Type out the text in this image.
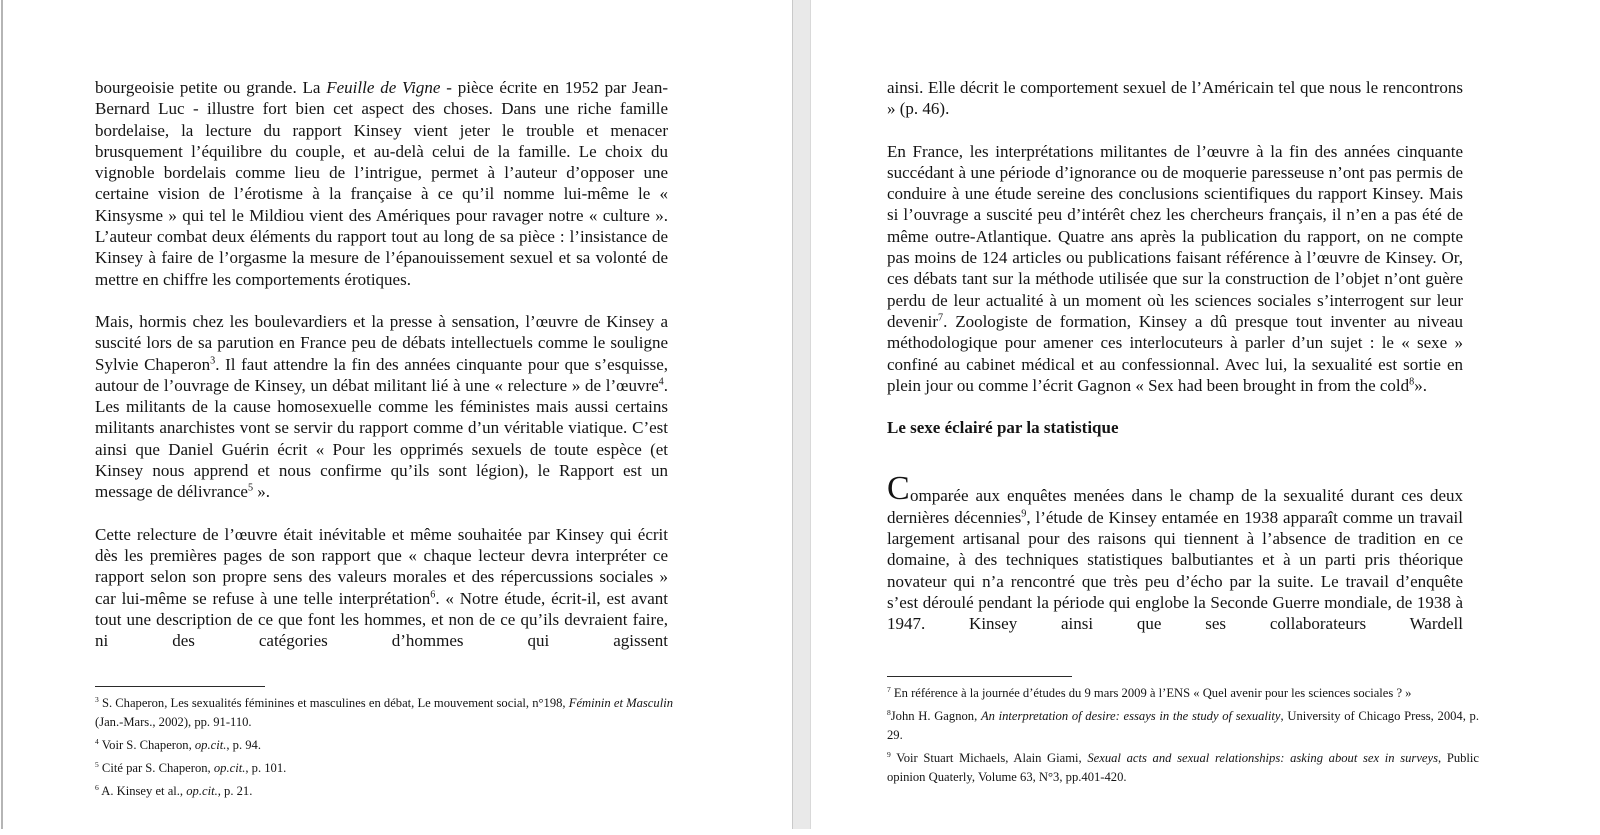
bourgeoisie petite ou grande. La Feuille de Vigne - pièce écrite en 1952 par Jean-Bernard Luc - illustre fort bien cet aspect des choses. Dans une riche famille bordelaise, la lecture du rapport Kinsey vient jeter le trouble et menacer brusquement l’équilibre du couple, et au-delà celui de la famille. Le choix du vignoble bordelais comme lieu de l’intrigue, permet à l’auteur d’opposer une certaine vision de l’érotisme à la française à ce qu’il nomme lui-même le « Kinsysme » qui tel le Mildiou vient des Amériques pour ravager notre « culture ». L’auteur combat deux éléments du rapport tout au long de sa pièce : l’insistance de Kinsey à faire de l’orgasme la mesure de l’épanouissement sexuel et sa volonté de mettre en chiffre les comportements érotiques.

Mais, hormis chez les boulevardiers et la presse à sensation, l’œuvre de Kinsey a suscité lors de sa parution en France peu de débats intellectuels comme le souligne Sylvie Chaperon$^3$. Il faut attendre la fin des années cinquante pour que s’esquisse, autour de l’ouvrage de Kinsey, un débat militant lié à une « relecture » de l’œuvre$^4$. Les militants de la cause homosexuelle comme les féministes mais aussi certains militants anarchistes vont se servir du rapport comme d’un véritable viatique. C’est ainsi que Daniel Guérin écrit « Pour les opprimés sexuels de toute espèce (et Kinsey nous apprend et nous confirme qu’ils sont légion), le Rapport est un message de délivrance$^5$ ».

Cette relecture de l’œuvre était inévitable et même souhaitée par Kinsey qui écrit dès les premières pages de son rapport que « chaque lecteur devra interpréter ce rapport selon son propre sens des valeurs morales et des répercussions sociales » car lui-même se refuse à une telle interprétation$^6$. « Notre étude, écrit-il, est avant tout une description de ce que font les hommes, et non de ce qu’ils devraient faire, ni des catégories d’hommes qui agissent

$^3$ S. Chaperon, Les sexualités féminines et masculines en débat, Le mouvement social, n°198, Féminin et Masculin (Jan.-Mars., 2002), pp. 91-110.

$^4$ Voir S. Chaperon, op.cit., p. 94.

$^5$ Cité par S. Chaperon, op.cit., p. 101.

$^6$ A. Kinsey et al., op.cit., p. 21.

ainsi. Elle décrit le comportement sexuel de l’Américain tel que nous le rencontrons » (p. 46).

En France, les interprétations militantes de l’œuvre à la fin des années cinquante succédant à une période d’ignorance ou de moquerie paresseuse n’ont pas permis de conduire à une étude sereine des conclusions scientifiques du rapport Kinsey. Mais si l’ouvrage a suscité peu d’intérêt chez les chercheurs français, il n’en a pas été de même outre-Atlantique. Quatre ans après la publication du rapport, on ne compte pas moins de 124 articles ou publications faisant référence à l’œuvre de Kinsey. Or, ces débats tant sur la méthode utilisée que sur la construction de l’objet n’ont guère perdu de leur actualité à un moment où les sciences sociales s’interrogent sur leur devenir$^7$. Zoologiste de formation, Kinsey a dû presque tout inventer au niveau méthodologique pour amener ces interlocuteurs à parler d’un sujet : le « sexe » confiné au cabinet médical et au confessionnal. Avec lui, la sexualité est sortie en plein jour ou comme l’écrit Gagnon « Sex had been brought in from the cold$^8$».

Le sexe éclairé par la statistique

C omparée aux enquêtes menées dans le champ de la sexualité durant ces deux dernières décennies$^9$, l’étude de Kinsey entamée en 1938 apparaît comme un travail largement artisanal pour des raisons qui tiennent à l’absence de tradition en ce domaine, à des techniques statistiques balbutiantes et à un parti pris théorique novateur qui n’a rencontré que très peu d’écho par la suite. Le travail d’enquête s’est déroulé pendant la période qui englobe la Seconde Guerre mondiale, de 1938 à 1947. Kinsey ainsi que ses collaborateurs Wardell

$^7$ En référence à la journée d’études du 9 mars 2009 à l’ENS « Quel avenir pour les sciences sociales ? »

$^8$John H. Gagnon, An interpretation of desire: essays in the study of sexuality, University of Chicago Press, 2004, p. 29.

$^9$ Voir Stuart Michaels, Alain Giami, Sexual acts and sexual relationships: asking about sex in surveys, Public opinion Quaterly, Volume 63, N°3, pp.401-420.
